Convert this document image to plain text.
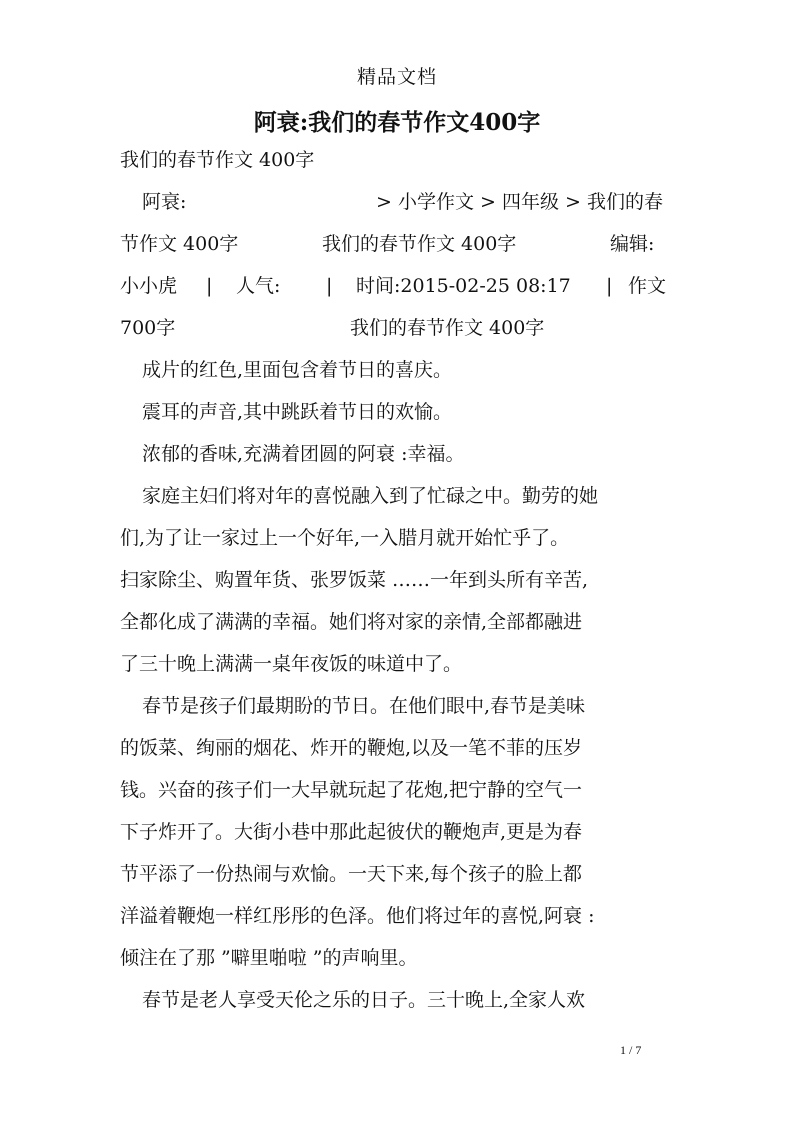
精品文档
阿衰:我们的春节作文400字
我们的春节作文 400字
阿衰:	> 小学作文 > 四年级 > 我们的春
节作文 400字	我们的春节作文 400字	编辑:
小小虎 | 人气: | 时间:2015-02-25 08:17 | 作文
700字	我们的春节作文 400字
成片的红色,里面包含着节日的喜庆。
震耳的声音,其中跳跃着节日的欢愉。
浓郁的香味,充满着团圆的阿衰 :幸福。
家庭主妇们将对年的喜悦融入到了忙碌之中。勤劳的她
们,为了让一家过上一个好年,一入腊月就开始忙乎了。
扫家除尘、购置年货、张罗饭菜 ……一年到头所有辛苦,
全都化成了满满的幸福。她们将对家的亲情,全部都融进
了三十晚上满满一桌年夜饭的味道中了。
春节是孩子们最期盼的节日。在他们眼中,春节是美味
的饭菜、绚丽的烟花、炸开的鞭炮,以及一笔不菲的压岁
钱。兴奋的孩子们一大早就玩起了花炮,把宁静的空气一
下子炸开了。大街小巷中那此起彼伏的鞭炮声,更是为春
节平添了一份热闹与欢愉。一天下来,每个孩子的脸上都
洋溢着鞭炮一样红彤彤的色泽。他们将过年的喜悦,阿衰 :
倾注在了那 ”噼里啪啦 ”的声响里。
春节是老人享受天伦之乐的日子。三十晚上,全家人欢
1 / 7
